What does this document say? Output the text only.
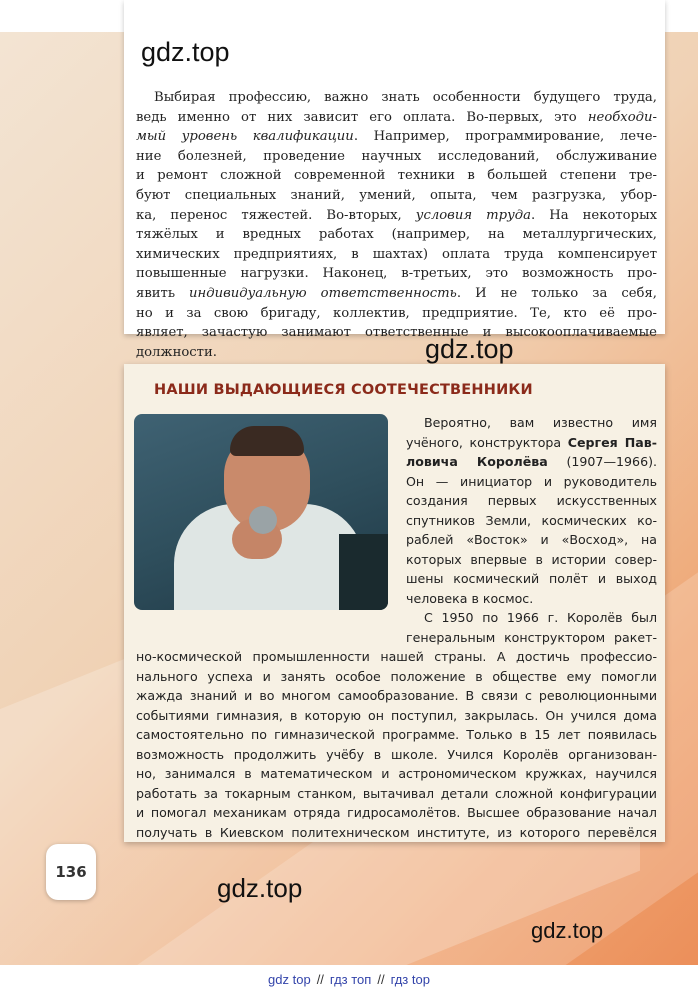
gdz.top
Выбирая профессию, важно знать особенности будущего труда,
ведь именно от них зависит его оплата. Во-первых, это необходи-
мый уровень квалификации. Например, программирование, лече-
ние болезней, проведение научных исследований, обслуживание
и ремонт сложной современной техники в большей степени тре-
буют специальных знаний, умений, опыта, чем разгрузка, убор-
ка, перенос тяжестей. Во-вторых, условия труда. На некоторых
тяжёлых и вредных работах (например, на металлургических,
химических предприятиях, в шахтах) оплата труда компенсирует
повышенные нагрузки. Наконец, в-третьих, это возможность про-
явить индивидуальную ответственность. И не только за себя,
но и за свою бригаду, коллектив, предприятие. Те, кто её про-
являет, зачастую занимают ответственные и высокооплачиваемые
должности.	gdz.top
НАШИ ВЫДАЮЩИЕСЯ СООТЕЧЕСТВЕННИКИ
Вероятно, вам известно имя
учёного, конструктора Сергея Пав-
ловича Королёва (1907—1966).
Он — инициатор и руководитель
создания первых искусственных
спутников Земли, космических ко-
раблей «Восток» и «Восход», на
которых впервые в истории совер-
шены космический полёт и выход
человека в космос.
С 1950 по 1966 г. Королёв был
генеральным конструктором ракет-
но-космической промышленности нашей страны. А достичь профессио-
нального успеха и занять особое положение в обществе ему помогли
жажда знаний и во многом самообразование. В связи с революционными
событиями гимназия, в которую он поступил, закрылась. Он учился дома
самостоятельно по гимназической программе. Только в 15 лет появилась
возможность продолжить учёбу в школе. Учился Королёв организован-
но, занимался в математическом и астрономическом кружках, научился
работать за токарным станком, вытачивал детали сложной конфигурации
и помогал механикам отряда гидросамолётов. Высшее образование начал
получать в Киевском политехническом институте, из которого перевёлся
136
gdz.top
gdz.top
gdz top // гдз топ // гдз top
